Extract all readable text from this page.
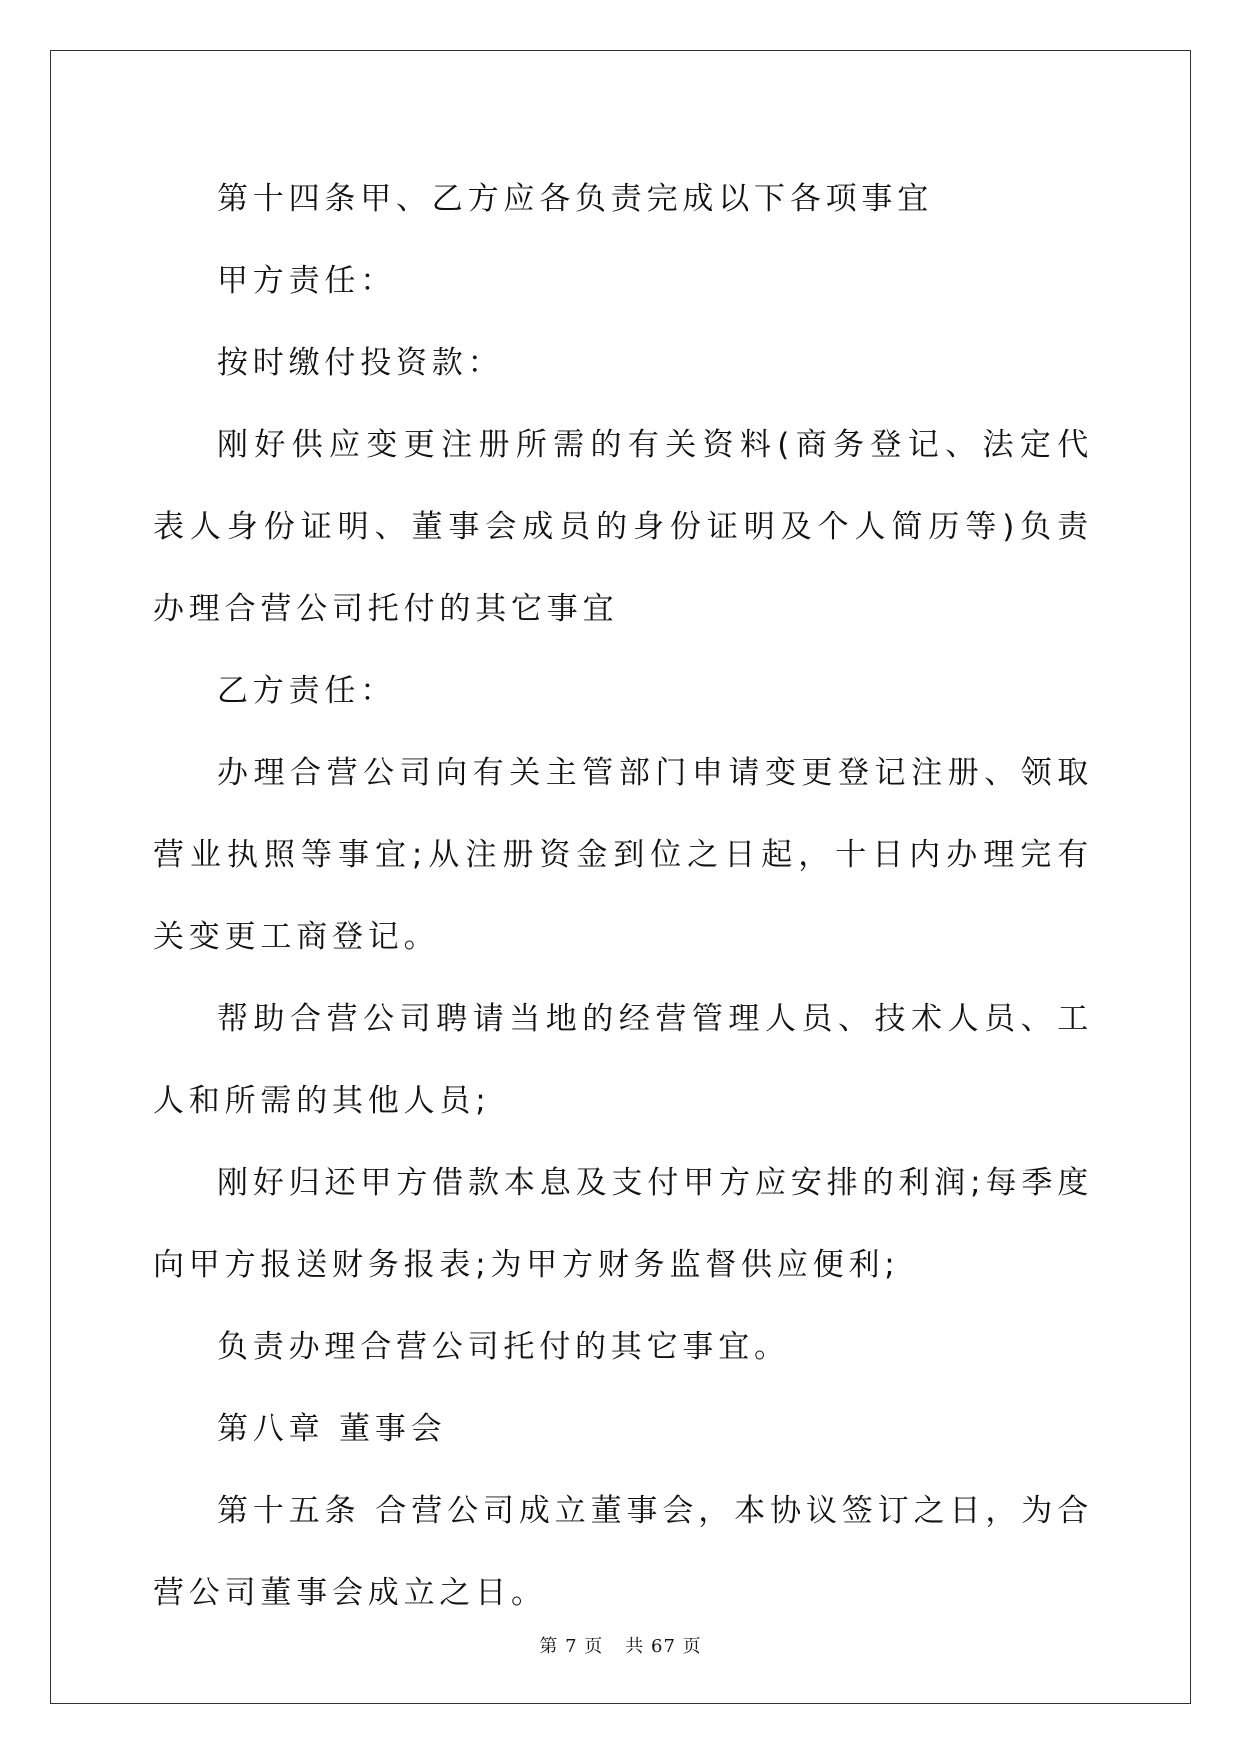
第十四条甲、乙方应各负责完成以下各项事宜

甲方责任：

按时缴付投资款：

刚好供应变更注册所需的有关资料(商务登记、法定代表人身份证明、董事会成员的身份证明及个人简历等)负责办理合营公司托付的其它事宜

乙方责任：

办理合营公司向有关主管部门申请变更登记注册、领取营业执照等事宜;从注册资金到位之日起，十日内办理完有关变更工商登记。

帮助合营公司聘请当地的经营管理人员、技术人员、工人和所需的其他人员;

刚好归还甲方借款本息及支付甲方应安排的利润;每季度向甲方报送财务报表;为甲方财务监督供应便利;

负责办理合营公司托付的其它事宜。

第八章 董事会

第十五条 合营公司成立董事会，本协议签订之日，为合营公司董事会成立之日。

第 7 页 共 67 页
